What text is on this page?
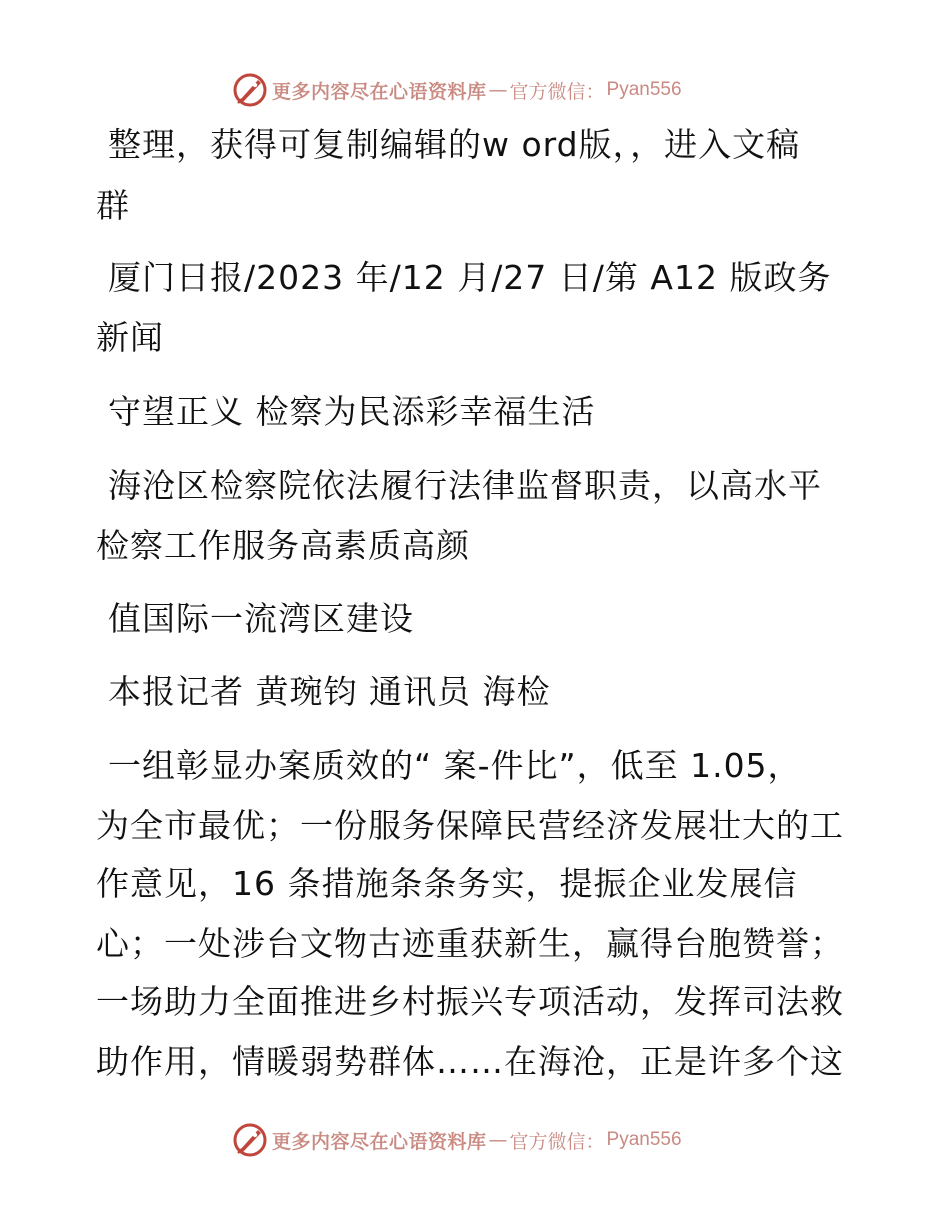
更多内容尽在心语资料库 — 官方微信： Pyan556
整理，获得可复制编辑的w ord版，，进入文稿
群
厦门日报/2023 年/12 月/27 日/第 A12 版政务
新闻
守望正义 检察为民添彩幸福生活
海沧区检察院依法履行法律监督职责，以高水平
检察工作服务高素质高颜
值国际一流湾区建设
本报记者 黄琬钧 通讯员 海检
一组彰显办案质效的“ 案-件比”，低至 1.05，
为全市最优；一份服务保障民营经济发展壮大的工
作意见，16 条措施条条务实，提振企业发展信
心；一处涉台文物古迹重获新生，赢得台胞赞誉；
一场助力全面推进乡村振兴专项活动，发挥司法救
助作用，情暖弱势群体……在海沧，正是许多个这
更多内容尽在心语资料库 — 官方微信： Pyan556
